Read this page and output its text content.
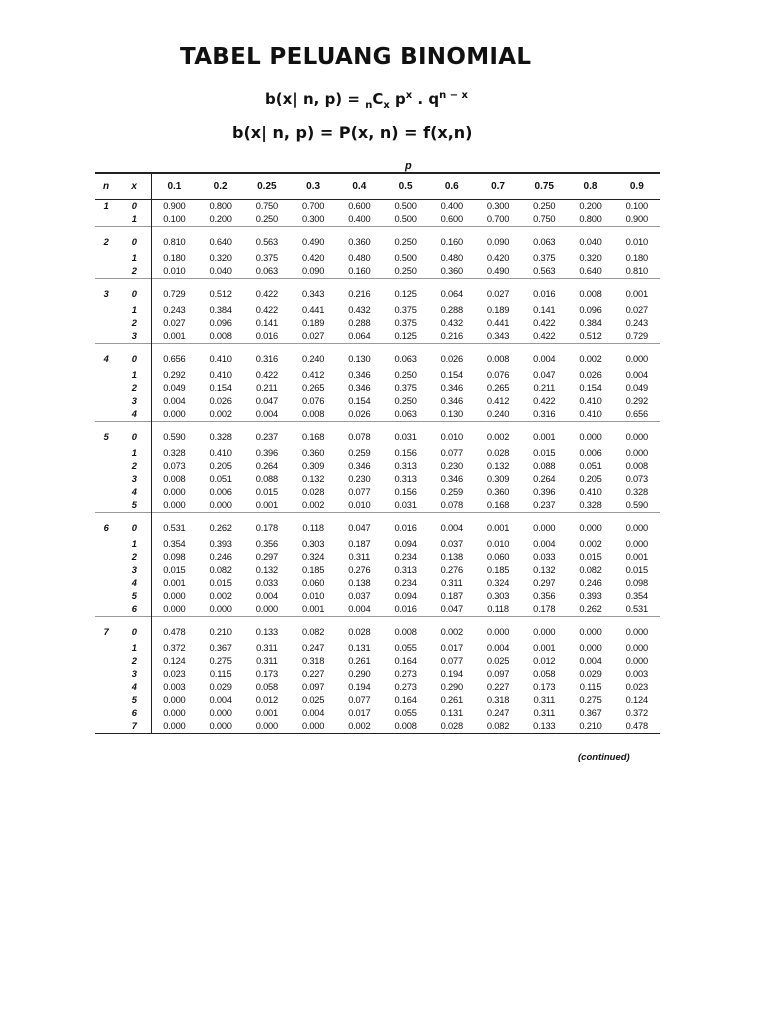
TABEL PELUANG BINOMIAL
b(x| n, $p) = _nC_x$ $p^x$ . $q^{n - x}$
b(x| n, p) = P(x, n) = f(x,n)
p
n	x	0.1	0.2	0.25	0.3	0.4	0.5	0.6	0.7	0.75	0.8	0.9

1	0	0.900	0.800	0.750	0.700	0.600	0.500	0.400	0.300	0.250	0.200	0.100
	1	0.100	0.200	0.250	0.300	0.400	0.500	0.600	0.700	0.750	0.800	0.900
2	0	0.810	0.640	0.563	0.490	0.360	0.250	0.160	0.090	0.063	0.040	0.010
	1	0.180	0.320	0.375	0.420	0.480	0.500	0.480	0.420	0.375	0.320	0.180
	2	0.010	0.040	0.063	0.090	0.160	0.250	0.360	0.490	0.563	0.640	0.810
3	0	0.729	0.512	0.422	0.343	0.216	0.125	0.064	0.027	0.016	0.008	0.001
	1	0.243	0.384	0.422	0.441	0.432	0.375	0.288	0.189	0.141	0.096	0.027
	2	0.027	0.096	0.141	0.189	0.288	0.375	0.432	0.441	0.422	0.384	0.243
	3	0.001	0.008	0.016	0.027	0.064	0.125	0.216	0.343	0.422	0.512	0.729
4	0	0.656	0.410	0.316	0.240	0.130	0.063	0.026	0.008	0.004	0.002	0.000
	1	0.292	0.410	0.422	0.412	0.346	0.250	0.154	0.076	0.047	0.026	0.004
	2	0.049	0.154	0.211	0.265	0.346	0.375	0.346	0.265	0.211	0.154	0.049
	3	0.004	0.026	0.047	0.076	0.154	0.250	0.346	0.412	0.422	0.410	0.292
	4	0.000	0.002	0.004	0.008	0.026	0.063	0.130	0.240	0.316	0.410	0.656
5	0	0.590	0.328	0.237	0.168	0.078	0.031	0.010	0.002	0.001	0.000	0.000
	1	0.328	0.410	0.396	0.360	0.259	0.156	0.077	0.028	0.015	0.006	0.000
	2	0.073	0.205	0.264	0.309	0.346	0.313	0.230	0.132	0.088	0.051	0.008
	3	0.008	0.051	0.088	0.132	0.230	0.313	0.346	0.309	0.264	0.205	0.073
	4	0.000	0.006	0.015	0.028	0.077	0.156	0.259	0.360	0.396	0.410	0.328
	5	0.000	0.000	0.001	0.002	0.010	0.031	0.078	0.168	0.237	0.328	0.590
6	0	0.531	0.262	0.178	0.118	0.047	0.016	0.004	0.001	0.000	0.000	0.000
	1	0.354	0.393	0.356	0.303	0.187	0.094	0.037	0.010	0.004	0.002	0.000
	2	0.098	0.246	0.297	0.324	0.311	0.234	0.138	0.060	0.033	0.015	0.001
	3	0.015	0.082	0.132	0.185	0.276	0.313	0.276	0.185	0.132	0.082	0.015
	4	0.001	0.015	0.033	0.060	0.138	0.234	0.311	0.324	0.297	0.246	0.098
	5	0.000	0.002	0.004	0.010	0.037	0.094	0.187	0.303	0.356	0.393	0.354
	6	0.000	0.000	0.000	0.001	0.004	0.016	0.047	0.118	0.178	0.262	0.531
7	0	0.478	0.210	0.133	0.082	0.028	0.008	0.002	0.000	0.000	0.000	0.000
	1	0.372	0.367	0.311	0.247	0.131	0.055	0.017	0.004	0.001	0.000	0.000
	2	0.124	0.275	0.311	0.318	0.261	0.164	0.077	0.025	0.012	0.004	0.000
	3	0.023	0.115	0.173	0.227	0.290	0.273	0.194	0.097	0.058	0.029	0.003
	4	0.003	0.029	0.058	0.097	0.194	0.273	0.290	0.227	0.173	0.115	0.023
	5	0.000	0.004	0.012	0.025	0.077	0.164	0.261	0.318	0.311	0.275	0.124
	6	0.000	0.000	0.001	0.004	0.017	0.055	0.131	0.247	0.311	0.367	0.372
	7	0.000	0.000	0.000	0.000	0.002	0.008	0.028	0.082	0.133	0.210	0.478
(continued)
